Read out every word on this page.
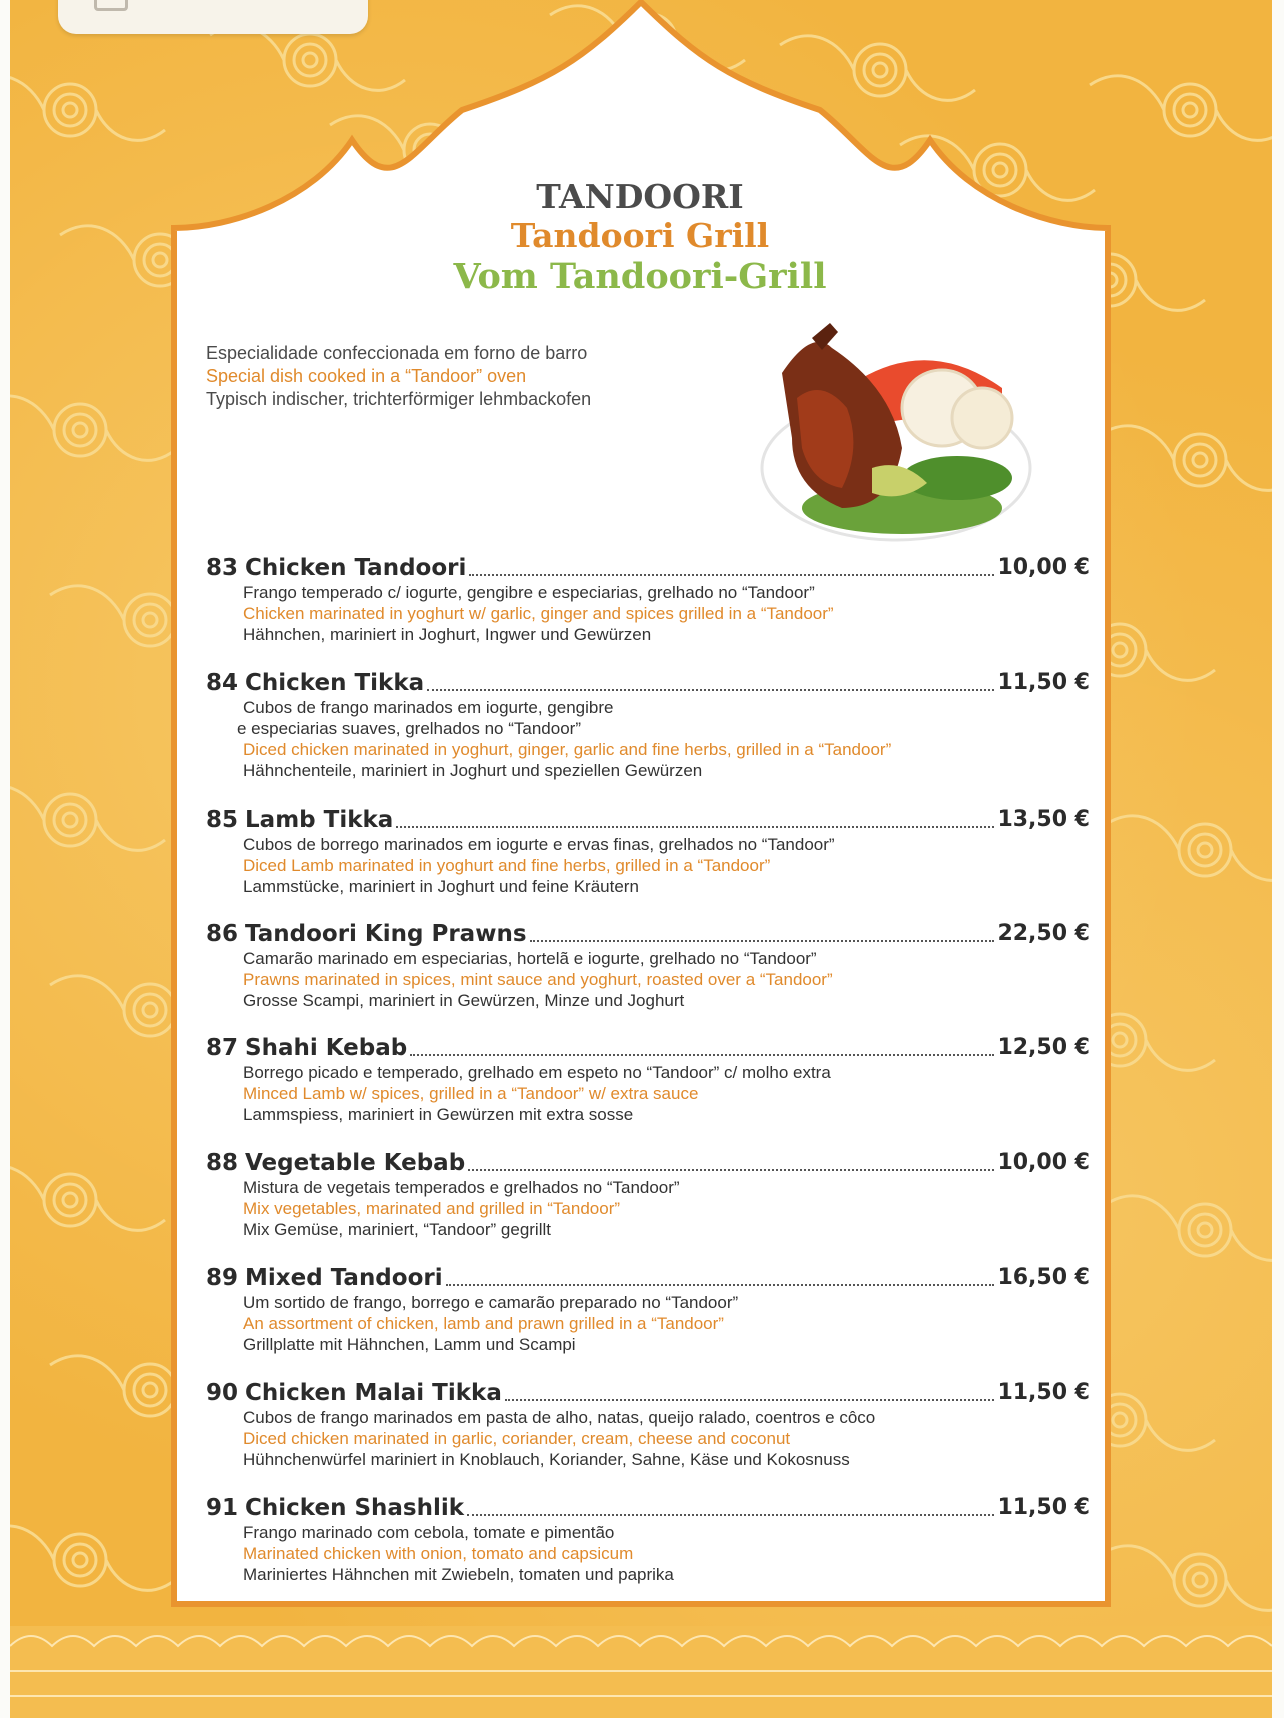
TANDOORI
Tandoori Grill
Vom Tandoori-Grill
Especialidade confeccionada em forno de barro
Special dish cooked in a “Tandoor” oven
Typisch indischer, trichterförmiger lehmbackofen
83 Chicken Tandoori	10,00 €
Frango temperado c/ iogurte, gengibre e especiarias, grelhado no “Tandoor”
Chicken marinated in yoghurt w/ garlic, ginger and spices grilled in a “Tandoor”
Hähnchen, mariniert in Joghurt, Ingwer und Gewürzen
84 Chicken Tikka	11,50 €
Cubos de frango marinados em iogurte, gengibre
e especiarias suaves, grelhados no “Tandoor”
Diced chicken marinated in yoghurt, ginger, garlic and fine herbs, grilled in a “Tandoor”
Hähnchenteile, mariniert in Joghurt und speziellen Gewürzen
85 Lamb Tikka	13,50 €
Cubos de borrego marinados em iogurte e ervas finas, grelhados no “Tandoor”
Diced Lamb marinated in yoghurt and fine herbs, grilled in a “Tandoor”
Lammstücke, mariniert in Joghurt und feine Kräutern
86 Tandoori King Prawns	22,50 €
Camarão marinado em especiarias, hortelã e iogurte, grelhado no “Tandoor”
Prawns marinated in spices, mint sauce and yoghurt, roasted over a “Tandoor”
Grosse Scampi, mariniert in Gewürzen, Minze und Joghurt
87 Shahi Kebab	12,50 €
Borrego picado e temperado, grelhado em espeto no “Tandoor” c/ molho extra
Minced Lamb w/ spices, grilled in a “Tandoor” w/ extra sauce
Lammspiess, mariniert in Gewürzen mit extra sosse
88 Vegetable Kebab	10,00 €
Mistura de vegetais temperados e grelhados no “Tandoor”
Mix vegetables, marinated and grilled in “Tandoor”
Mix Gemüse, mariniert, “Tandoor” gegrillt
89 Mixed Tandoori	16,50 €
Um sortido de frango, borrego e camarão preparado no “Tandoor”
An assortment of chicken, lamb and prawn grilled in a “Tandoor”
Grillplatte mit Hähnchen, Lamm und Scampi
90 Chicken Malai Tikka	11,50 €
Cubos de frango marinados em pasta de alho, natas, queijo ralado, coentros e côco
Diced chicken marinated in garlic, coriander, cream, cheese and coconut
Hühnchenwürfel mariniert in Knoblauch, Koriander, Sahne, Käse und Kokosnuss
91 Chicken Shashlik	11,50 €
Frango marinado com cebola, tomate e pimentão
Marinated chicken with onion, tomato and capsicum
Mariniertes Hähnchen mit Zwiebeln, tomaten und paprika
